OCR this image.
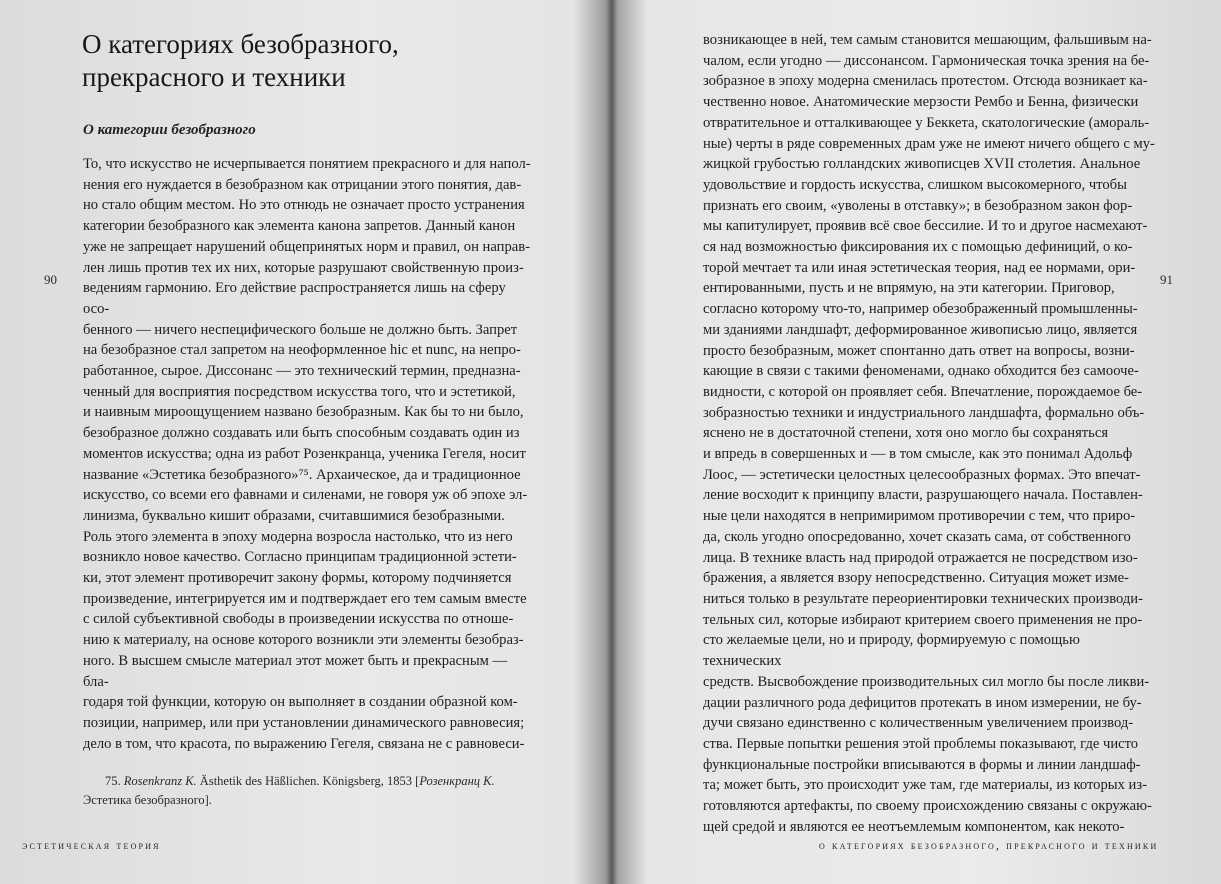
О категориях безобразного,
прекрасного и техники
О категории безобразного
90	91

То, что искусство не исчерпывается понятием прекрасного и для напол-
нения его нуждается в безобразном как отрицании этого понятия, дав-
но стало общим местом. Но это отнюдь не означает просто устранения
категории безобразного как элемента канона запретов. Данный канон
уже не запрещает нарушений общепринятых норм и правил, он направ-
лен лишь против тех их них, которые разрушают свойственную произ-
ведениям гармонию. Его действие распространяется лишь на сферу осо-
бенного — ничего неспецифического больше не должно быть. Запрет
на безобразное стал запретом на неоформленное hic et nunc, на непро-
работанное, сырое. Диссонанс — это технический термин, предназна-
ченный для восприятия посредством искусства того, что и эстетикой,
и наивным мироощущением названо безобразным. Как бы то ни было,
безобразное должно создавать или быть способным создавать один из
моментов искусства; одна из работ Розенкранца, ученика Гегеля, носит
название «Эстетика безобразного»⁷⁵. Архаическое, да и традиционное
искусство, со всеми его фавнами и силенами, не говоря уж об эпохе эл-
линизма, буквально кишит образами, считавшимися безобразными.
Роль этого элемента в эпоху модерна возросла настолько, что из него
возникло новое качество. Согласно принципам традиционной эстети-
ки, этот элемент противоречит закону формы, которому подчиняется
произведение, интегрируется им и подтверждает его тем самым вместе
с силой субъективной свободы в произведении искусства по отноше-
нию к материалу, на основе которого возникли эти элементы безобраз-
ного. В высшем смысле материал этот может быть и прекрасным — бла-
годаря той функции, которую он выполняет в создании образной ком-
позиции, например, или при установлении динамического равновесия;
дело в том, что красота, по выражению Гегеля, связана не с равновеси-

75. Rosenkranz K. Ästhetik des Häßlichen. Königsberg, 1853 [Розенкранц К. Эстетика безобразного].

возникающее в ней, тем самым становится мешающим, фальшивым на-
чалом, если угодно — диссонансом. Гармоническая точка зрения на бе-
зобразное в эпоху модерна сменилась протестом. Отсюда возникает ка-
чественно новое. Анатомические мерзости Рембо и Бенна, физически
отвратительное и отталкивающее у Беккета, скатологические (амораль-
ные) черты в ряде современных драм уже не имеют ничего общего с му-
жицкой грубостью голландских живописцев XVII столетия. Анальное
удовольствие и гордость искусства, слишком высокомерного, чтобы
признать его своим, «уволены в отставку»; в безобразном закон фор-
мы капитулирует, проявив всё свое бессилие. И то и другое насмехают-
ся над возможностью фиксирования их с помощью дефиниций, о ко-
торой мечтает та или иная эстетическая теория, над ее нормами, ори-
ентированными, пусть и не впрямую, на эти категории. Приговор,
согласно которому что-то, например обезображенный промышленны-
ми зданиями ландшафт, деформированное живописью лицо, является
просто безобразным, может спонтанно дать ответ на вопросы, возни-
кающие в связи с такими феноменами, однако обходится без самооче-
видности, с которой он проявляет себя. Впечатление, порождаемое бе-
зобразностью техники и индустриального ландшафта, формально объ-
яснено не в достаточной степени, хотя оно могло бы сохраняться
и впредь в совершенных и — в том смысле, как это понимал Адольф
Лоос, — эстетически целостных целесообразных формах. Это впечат-
ление восходит к принципу власти, разрушающего начала. Поставлен-
ные цели находятся в непримиримом противоречии с тем, что приро-
да, сколь угодно опосредованно, хочет сказать сама, от собственного
лица. В технике власть над природой отражается не посредством изо-
бражения, а является взору непосредственно. Ситуация может изме-
ниться только в результате переориентировки технических производи-
тельных сил, которые избирают критерием своего применения не про-
сто желаемые цели, но и природу, формируемую с помощью технических
средств. Высвобождение производительных сил могло бы после ликви-
дации различного рода дефицитов протекать в ином измерении, не бу-
дучи связано единственно с количественным увеличением производ-
ства. Первые попытки решения этой проблемы показывают, где чисто
функциональные постройки вписываются в формы и линии ландшаф-
та; может быть, это происходит уже там, где материалы, из которых из-
готовляются артефакты, по своему происхождению связаны с окружаю-
щей средой и являются ее неотъемлемым компонентом, как некото-

эстетическая теория	о категориях безобразного, прекрасного и техники
